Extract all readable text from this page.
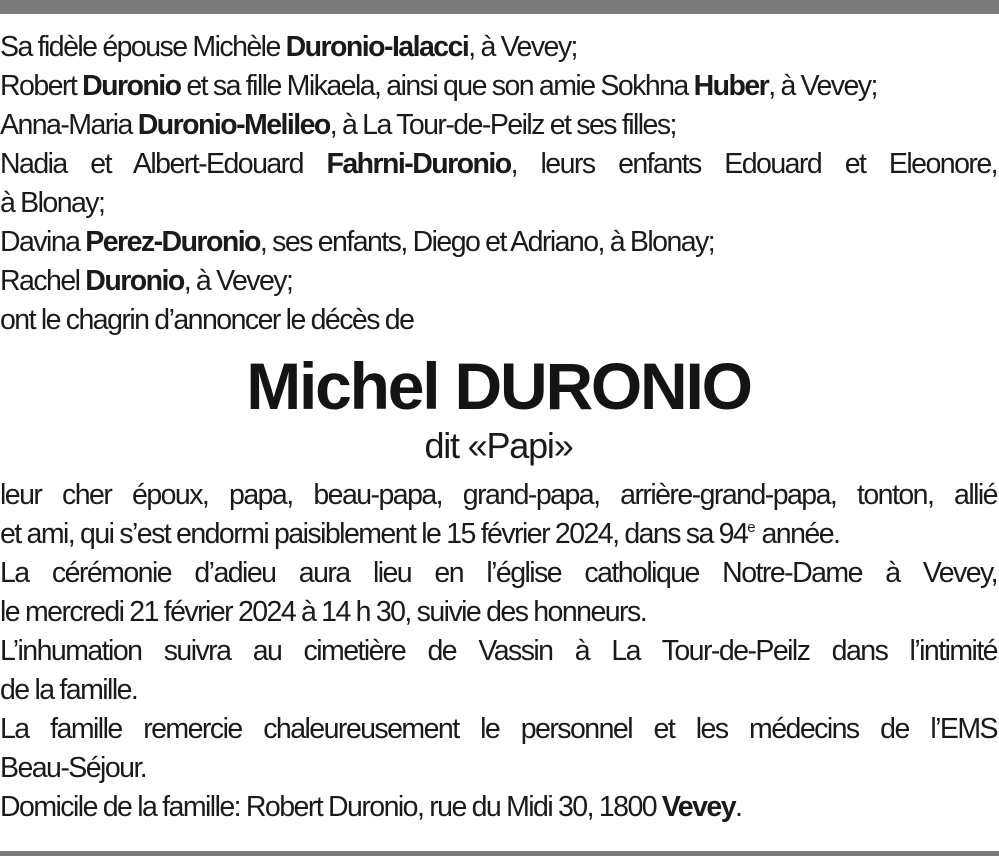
Sa fidèle épouse Michèle Duronio-Ialacci, à Vevey;
Robert Duronio et sa fille Mikaela, ainsi que son amie Sokhna Huber, à Vevey;
Anna-Maria Duronio-Melileo, à La Tour-de-Peilz et ses filles;
Nadia et Albert-Edouard Fahrni-Duronio, leurs enfants Edouard et Eleonore,
à Blonay;
Davina Perez-Duronio, ses enfants, Diego et Adriano, à Blonay;
Rachel Duronio, à Vevey;
ont le chagrin d’annoncer le décès de
Michel DURONIO
dit «Papi»
leur cher époux, papa, beau-papa, grand-papa, arrière-grand-papa, tonton, allié
et ami, qui s’est endormi paisiblement le 15 février 2024, dans sa 94e année.
La cérémonie d’adieu aura lieu en l’église catholique Notre-Dame à Vevey,
le mercredi 21 février 2024 à 14 h 30, suivie des honneurs.
L’inhumation suivra au cimetière de Vassin à La Tour-de-Peilz dans l’intimité
de la famille.
La famille remercie chaleureusement le personnel et les médecins de l’EMS
Beau-Séjour.
Domicile de la famille: Robert Duronio, rue du Midi 30, 1800 Vevey.
